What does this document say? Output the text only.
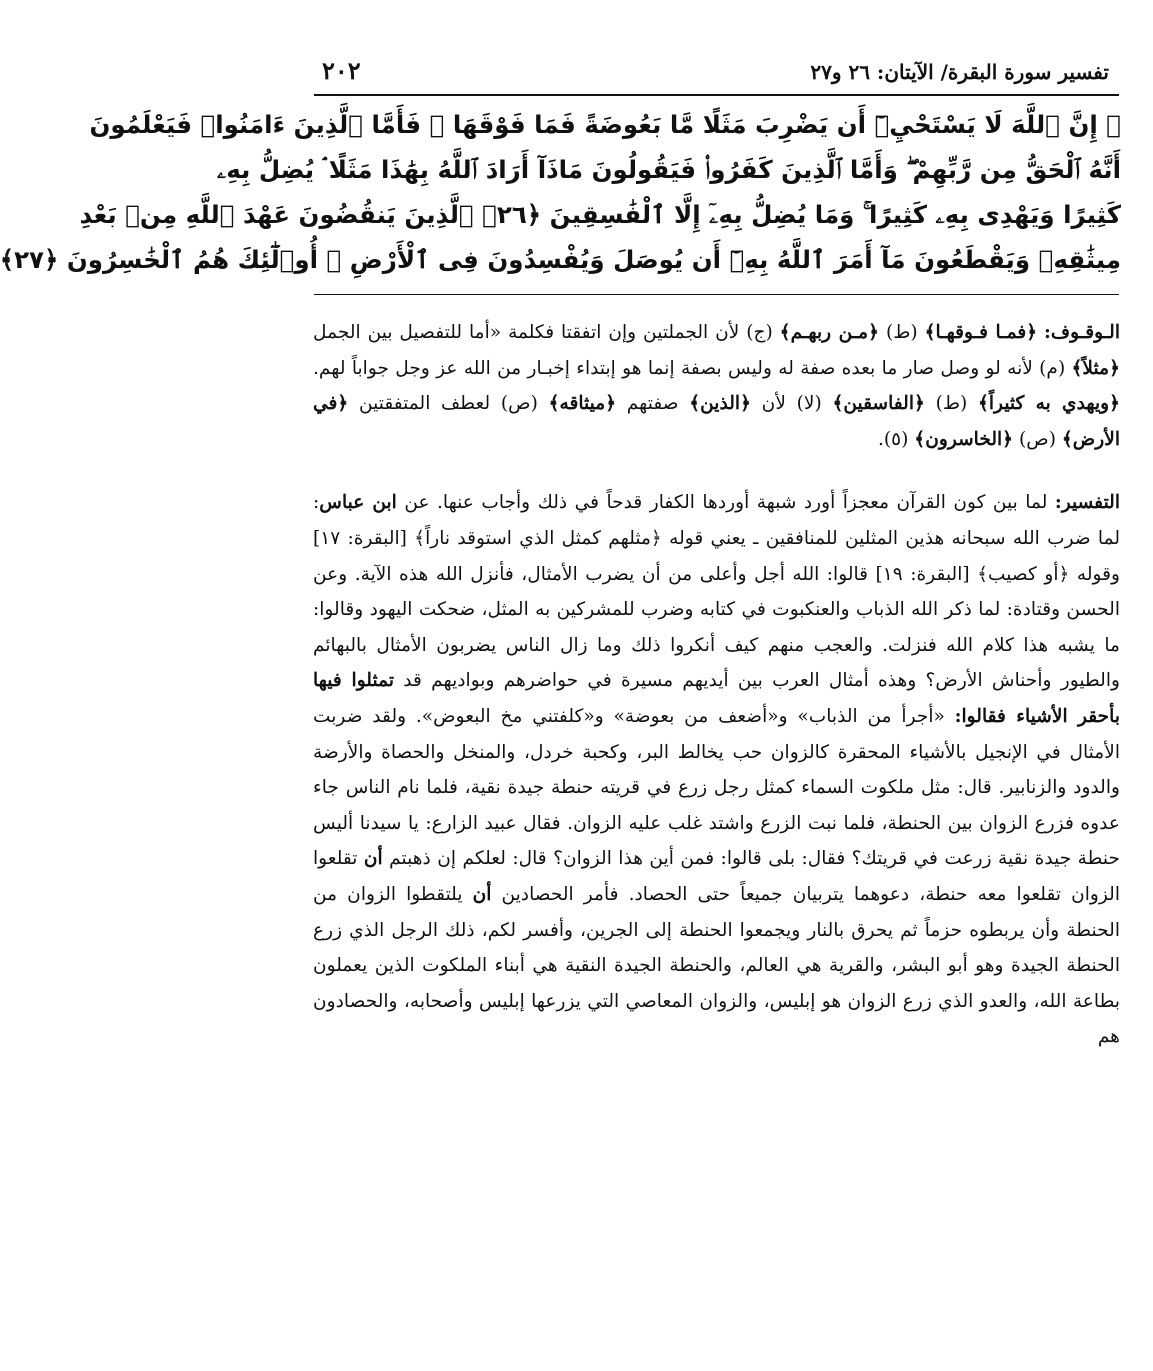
تفسير سورة البقرة/ الآيتان: ٢٦ و٢٧
٢٠٢
﴿ إِنَّ ٱللَّهَ لَا يَسْتَحْيِۦٓ أَن يَضْرِبَ مَثَلًا مَّا بَعُوضَةً فَمَا فَوْقَهَا ۚ فَأَمَّا ٱلَّذِينَ ءَامَنُوا۟ فَيَعْلَمُونَ
أَنَّهُ ٱلْحَقُّ مِن رَّبِّهِمْ ۖ وَأَمَّا ٱلَّذِينَ كَفَرُوا۟ فَيَقُولُونَ مَاذَآ أَرَادَ ٱللَّهُ بِهَٰذَا مَثَلًا ۘ يُضِلُّ بِهِۦ
كَثِيرًا وَيَهْدِى بِهِۦ كَثِيرًا ۚ وَمَا يُضِلُّ بِهِۦٓ إِلَّا ٱلْفَٰسِقِينَ ﴿٢٦﴾ ٱلَّذِينَ يَنقُضُونَ عَهْدَ ٱللَّهِ مِنۢ بَعْدِ
مِيثَٰقِهِۦ وَيَقْطَعُونَ مَآ أَمَرَ ٱللَّهُ بِهِۦٓ أَن يُوصَلَ وَيُفْسِدُونَ فِى ٱلْأَرْضِ ۚ أُو۟لَٰٓئِكَ هُمُ ٱلْخَٰسِرُونَ ﴿٢٧﴾

الـوقـوف: ﴿فمـا فـوقهـا﴾ (ط) ﴿مـن ربهـم﴾ (ج) لأن الجملتين وإن اتفقتا فكلمة «أما للتفصيل بين الجمل ﴿مثلاً﴾ (م) لأنه لو وصل صار ما بعده صفة له وليس بصفة إنما هو إبتداء إخبـار من الله عز وجل جواباً لهم. ﴿ويهدي به كثيراً﴾ (ط) ﴿الفاسقين﴾ (لا) لأن ﴿الذين﴾ صفتهم ﴿ميثاقه﴾ (ص) لعطف المتفقتين ﴿في الأرض﴾ (ص) ﴿الخاسرون﴾ (٥).

التفسير: لما بين كون القرآن معجزاً أورد شبهة أوردها الكفار قدحاً في ذلك وأجاب عنها. عن ابن عباس: لما ضرب الله سبحانه هذين المثلين للمنافقين ـ يعني قوله ﴿مثلهم كمثل الذي استوقد ناراً﴾ [البقرة: ١٧] وقوله ﴿أو كصيب﴾ [البقرة: ١٩] قالوا: الله أجل وأعلى من أن يضرب الأمثال، فأنزل الله هذه الآية. وعن الحسن وقتادة: لما ذكر الله الذباب والعنكبوت في كتابه وضرب للمشركين به المثل، ضحكت اليهود وقالوا: ما يشبه هذا كلام الله فنزلت. والعجب منهم كيف أنكروا ذلك وما زال الناس يضربون الأمثال بالبهائم والطيور وأحناش الأرض؟ وهذه أمثال العرب بين أيديهم مسيرة في حواضرهم وبواديهم قد تمثلوا فيها بأحقر الأشياء فقالوا: «أجرأ من الذباب» و«أضعف من بعوضة» و«كلفتني مخ البعوض». ولقد ضربت الأمثال في الإنجيل بالأشياء المحقرة كالزوان حب يخالط البر، وكحبة خردل، والمنخل والحصاة والأرضة والدود والزنابير. قال: مثل ملكوت السماء كمثل رجل زرع في قريته حنطة جيدة نقية، فلما نام الناس جاء عدوه فزرع الزوان بين الحنطة، فلما نبت الزرع واشتد غلب عليه الزوان. فقال عبيد الزارع: يا سيدنا أليس حنطة جيدة نقية زرعت في قريتك؟ فقال: بلى قالوا: فمن أين هذا الزوان؟ قال: لعلكم إن ذهبتم أن تقلعوا الزوان تقلعوا معه حنطة، دعوهما يتربيان جميعاً حتى الحصاد. فأمر الحصادين أن يلتقطوا الزوان من الحنطة وأن يربطوه حزماً ثم يحرق بالنار ويجمعوا الحنطة إلى الجرين، وأفسر لكم، ذلك الرجل الذي زرع الحنطة الجيدة وهو أبو البشر، والقرية هي العالم، والحنطة الجيدة النقية هي أبناء الملكوت الذين يعملون بطاعة الله، والعدو الذي زرع الزوان هو إبليس، والزوان المعاصي التي يزرعها إبليس وأصحابه، والحصادون هم
